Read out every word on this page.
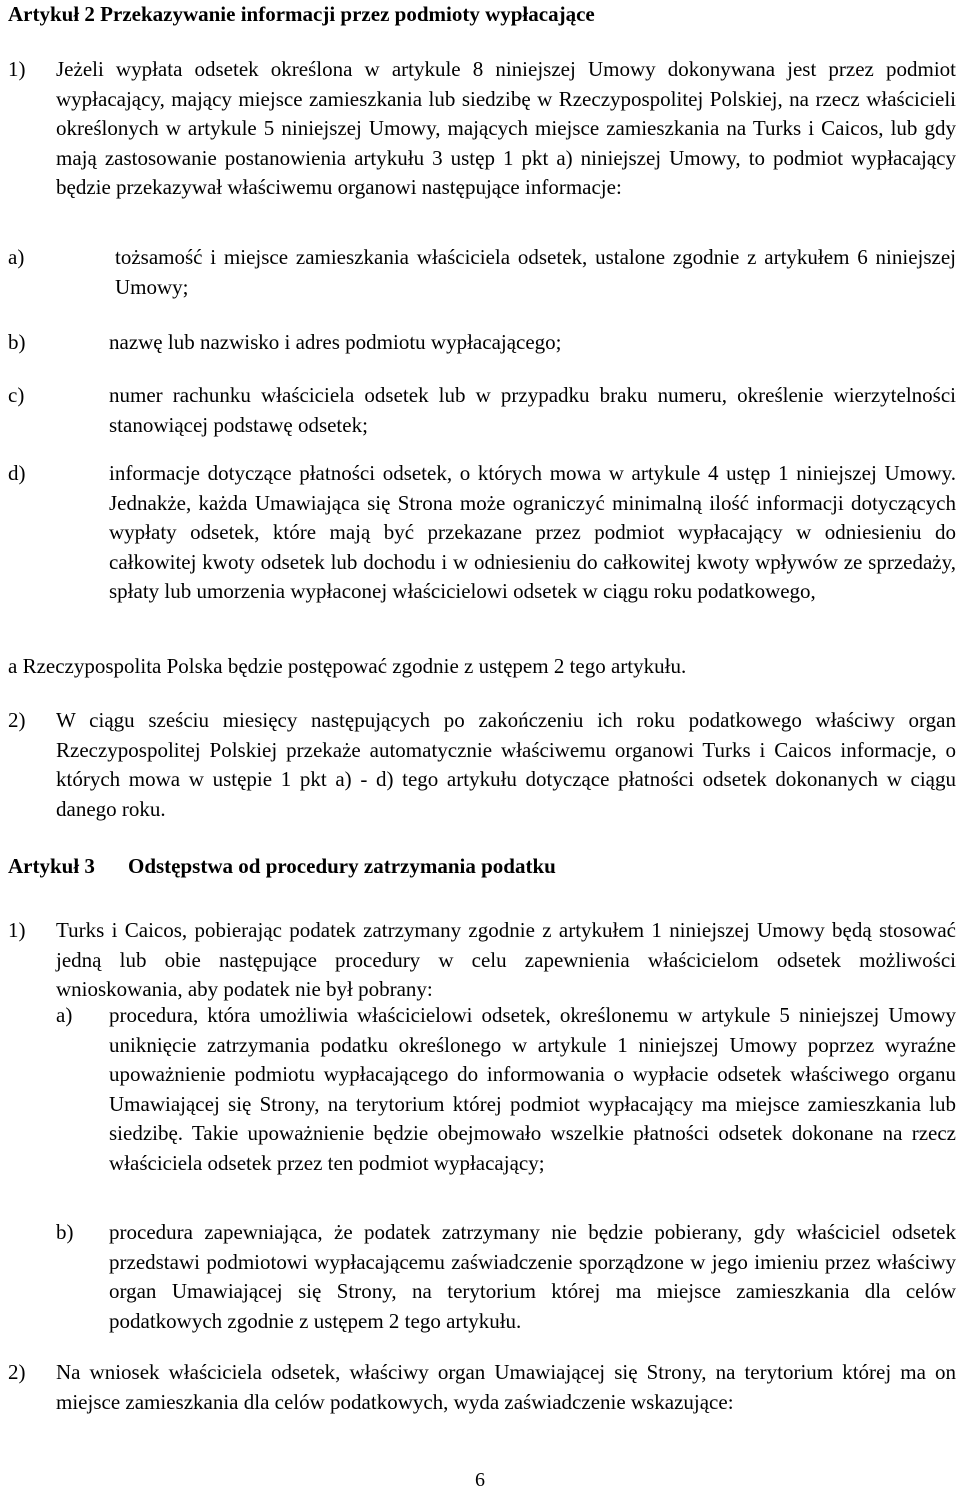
Artykuł 2 Przekazywanie informacji przez podmioty wypłacające
1) Jeżeli wypłata odsetek określona w artykule 8 niniejszej Umowy dokonywana jest przez podmiot wypłacający, mający miejsce zamieszkania lub siedzibę w Rzeczypospolitej Polskiej, na rzecz właścicieli określonych w artykule 5 niniejszej Umowy, mających miejsce zamieszkania na Turks i Caicos, lub gdy mają zastosowanie postanowienia artykułu 3 ustęp 1 pkt a) niniejszej Umowy, to podmiot wypłacający będzie przekazywał właściwemu organowi następujące informacje:
a)	tożsamość i miejsce zamieszkania właściciela odsetek, ustalone zgodnie z artykułem 6 niniejszej Umowy;
b)	nazwę lub nazwisko i adres podmiotu wypłacającego;
c)	numer rachunku właściciela odsetek lub w przypadku braku numeru, określenie wierzytelności stanowiącej podstawę odsetek;
d)	informacje dotyczące płatności odsetek, o których mowa w artykule 4 ustęp 1 niniejszej Umowy. Jednakże, każda Umawiająca się Strona może ograniczyć minimalną ilość informacji dotyczących wypłaty odsetek, które mają być przekazane przez podmiot wypłacający w odniesieniu do całkowitej kwoty odsetek lub dochodu i w odniesieniu do całkowitej kwoty wpływów ze sprzedaży, spłaty lub umorzenia wypłaconej właścicielowi odsetek w ciągu roku podatkowego,
a Rzeczypospolita Polska będzie postępować zgodnie z ustępem 2 tego artykułu.
2) W ciągu sześciu miesięcy następujących po zakończeniu ich roku podatkowego właściwy organ Rzeczypospolitej Polskiej przekaże automatycznie właściwemu organowi Turks i Caicos informacje, o których mowa w ustępie 1 pkt a) - d) tego artykułu dotyczące płatności odsetek dokonanych w ciągu danego roku.
Artykuł 3 Odstępstwa od procedury zatrzymania podatku
1) Turks i Caicos, pobierając podatek zatrzymany zgodnie z artykułem 1 niniejszej Umowy będą stosować jedną lub obie następujące procedury w celu zapewnienia właścicielom odsetek możliwości wnioskowania, aby podatek nie był pobrany:
a) procedura, która umożliwia właścicielowi odsetek, określonemu w artykule 5 niniejszej Umowy uniknięcie zatrzymania podatku określonego w artykule 1 niniejszej Umowy poprzez wyraźne upoważnienie podmiotu wypłacającego do informowania o wypłacie odsetek właściwego organu Umawiającej się Strony, na terytorium której podmiot wypłacający ma miejsce zamieszkania lub siedzibę. Takie upoważnienie będzie obejmowało wszelkie płatności odsetek dokonane na rzecz właściciela odsetek przez ten podmiot wypłacający;
b) procedura zapewniająca, że podatek zatrzymany nie będzie pobierany, gdy właściciel odsetek przedstawi podmiotowi wypłacającemu zaświadczenie sporządzone w jego imieniu przez właściwy organ Umawiającej się Strony, na terytorium której ma miejsce zamieszkania dla celów podatkowych zgodnie z ustępem 2 tego artykułu.
2) Na wniosek właściciela odsetek, właściwy organ Umawiającej się Strony, na terytorium której ma on miejsce zamieszkania dla celów podatkowych, wyda zaświadczenie wskazujące:
6
